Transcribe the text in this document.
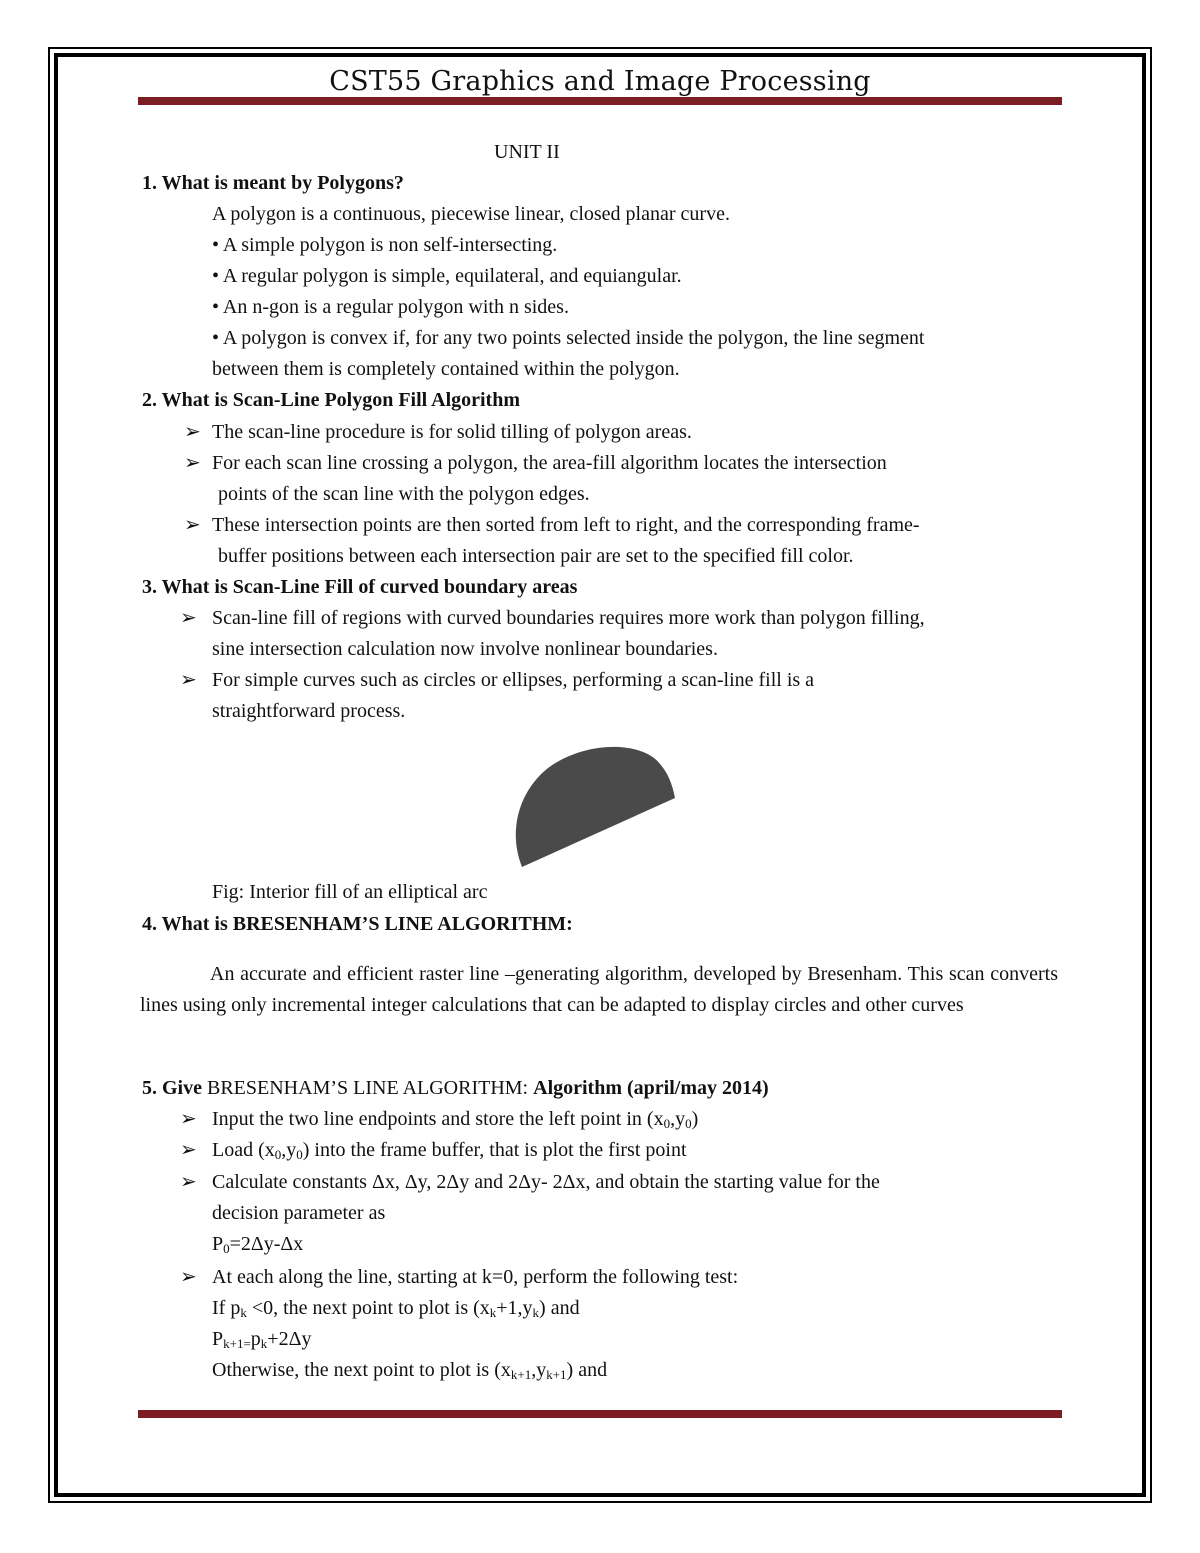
CST55 Graphics and Image Processing
UNIT II
1. What is meant by Polygons?
A polygon is a continuous, piecewise linear, closed planar curve.
• A simple polygon is non self-intersecting.
• A regular polygon is simple, equilateral, and equiangular.
• An n-gon is a regular polygon with n sides.
• A polygon is convex if, for any two points selected inside the polygon, the line segment
between them is completely contained within the polygon.
2. What is Scan-Line Polygon Fill Algorithm
➢ The scan-line procedure is for solid tilling of polygon areas.
➢ For each scan line crossing a polygon, the area-fill algorithm locates the intersection
points of the scan line with the polygon edges.
➢ These intersection points are then sorted from left to right, and the corresponding frame-
buffer positions between each intersection pair are set to the specified fill color.
3. What is Scan-Line Fill of curved boundary areas
➢ Scan-line fill of regions with curved boundaries requires more work than polygon filling,
sine intersection calculation now involve nonlinear boundaries.
➢ For simple curves such as circles or ellipses, performing a scan-line fill is a
straightforward process.
Fig: Interior fill of an elliptical arc
4. What is BRESENHAM’S LINE ALGORITHM:
An accurate and efficient raster line –generating algorithm, developed by Bresenham. This scan converts lines using only incremental integer calculations that can be adapted to display circles and other curves
5. Give BRESENHAM’S LINE ALGORITHM: Algorithm (april/may 2014)
➢ Input the two line endpoints and store the left point in $(x_0,y_0)$
➢ Load $(x_0,y_0)$ into the frame buffer, that is plot the first point
➢ Calculate constants Δx, Δy, 2Δy and 2Δy- 2Δx, and obtain the starting value for the
decision parameter as
$P_0=2\Delta y-\Delta x$
➢ At each along the line, starting at k=0, perform the following test:
If $p_k <0$, the next point to plot is $(x_k+1,y_k)$ and
$P_{k+1=}p_k+2\Delta y$
Otherwise, the next point to plot is $(x_{k+1},y_{k+1})$ and
